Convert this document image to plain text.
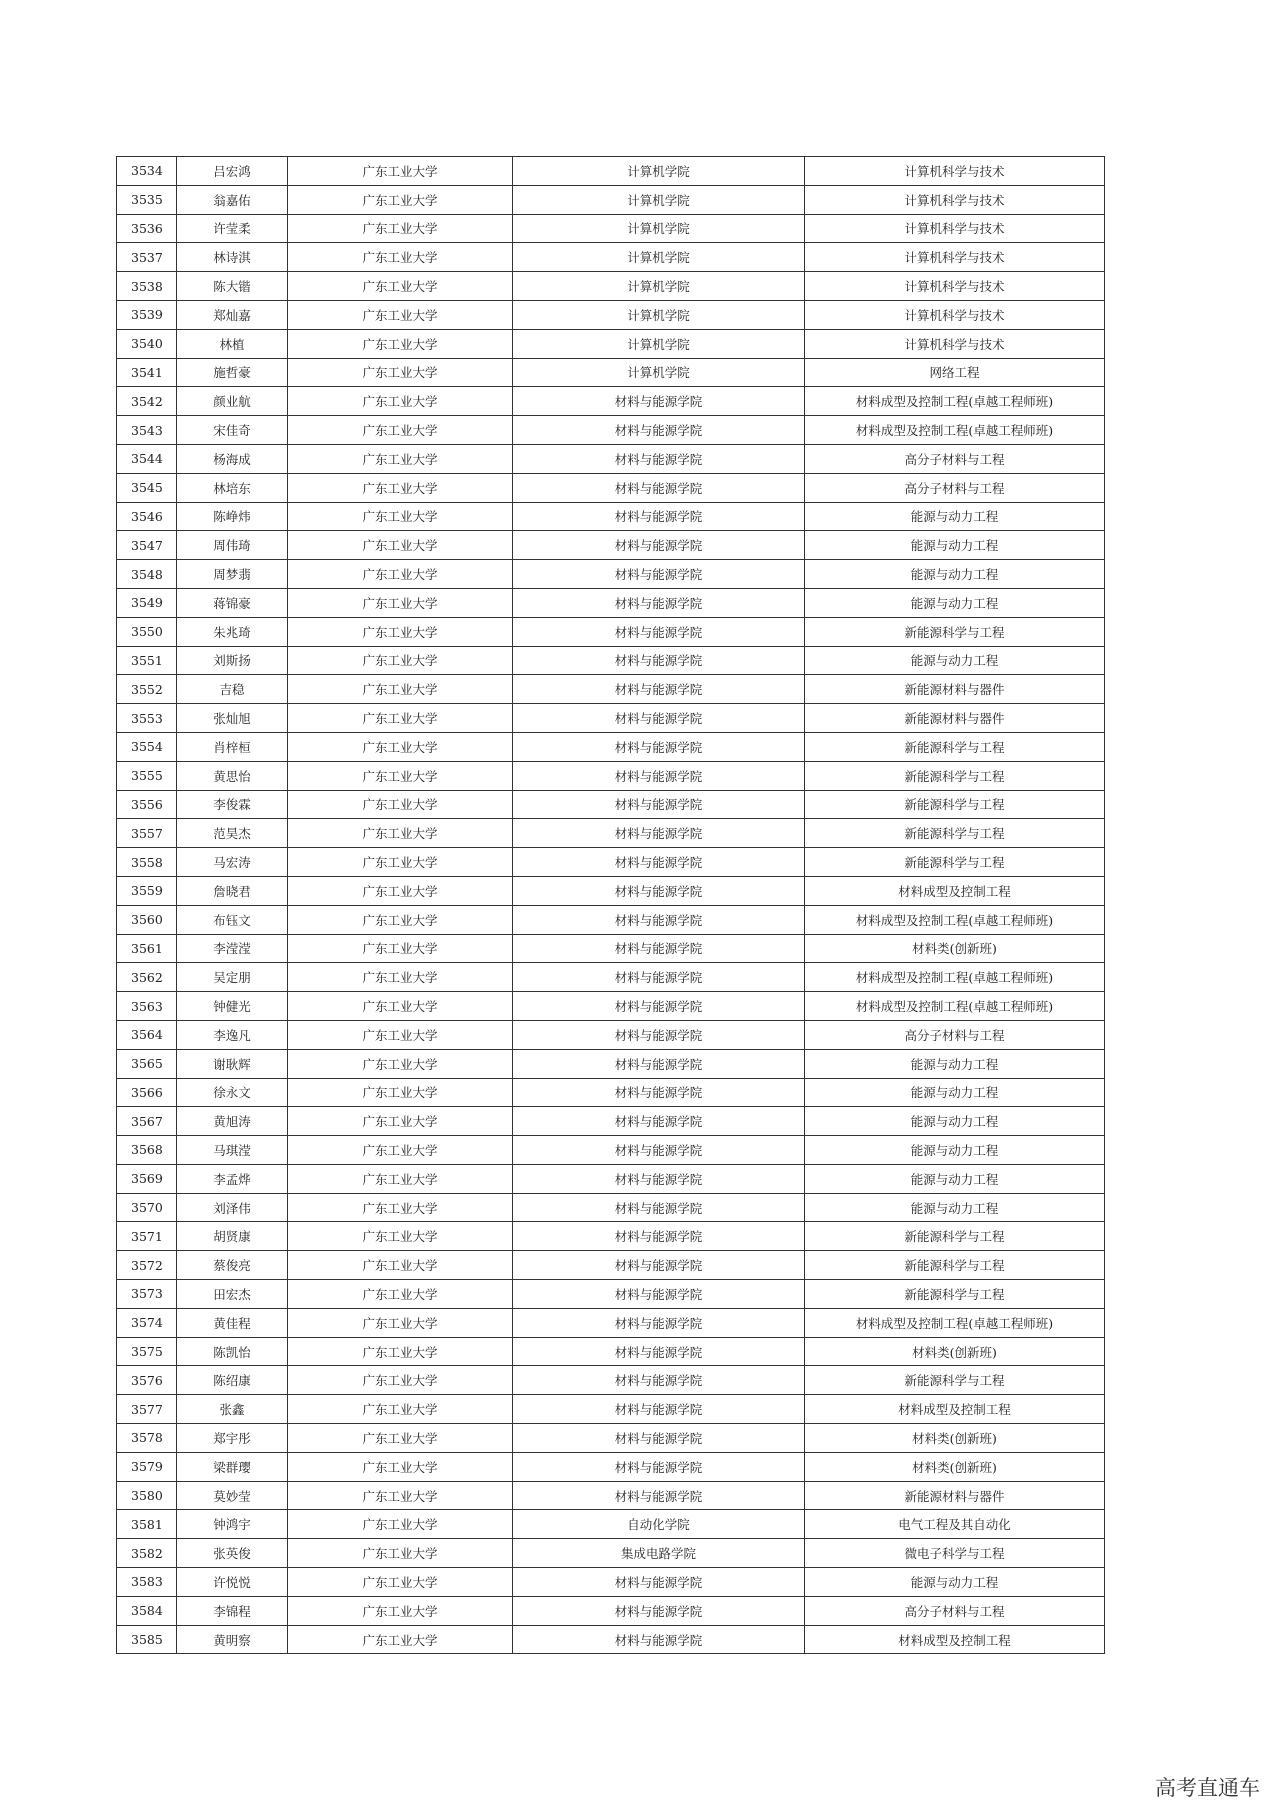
3534	吕宏鸿	广东工业大学	计算机学院	计算机科学与技术
3535	翁嘉佑	广东工业大学	计算机学院	计算机科学与技术
3536	许莹柔	广东工业大学	计算机学院	计算机科学与技术
3537	林诗淇	广东工业大学	计算机学院	计算机科学与技术
3538	陈大锴	广东工业大学	计算机学院	计算机科学与技术
3539	郑灿嘉	广东工业大学	计算机学院	计算机科学与技术
3540	林植	广东工业大学	计算机学院	计算机科学与技术
3541	施哲豪	广东工业大学	计算机学院	网络工程
3542	颜业航	广东工业大学	材料与能源学院	材料成型及控制工程(卓越工程师班)
3543	宋佳奇	广东工业大学	材料与能源学院	材料成型及控制工程(卓越工程师班)
3544	杨海成	广东工业大学	材料与能源学院	高分子材料与工程
3545	林培东	广东工业大学	材料与能源学院	高分子材料与工程
3546	陈峥炜	广东工业大学	材料与能源学院	能源与动力工程
3547	周伟琦	广东工业大学	材料与能源学院	能源与动力工程
3548	周梦翡	广东工业大学	材料与能源学院	能源与动力工程
3549	蒋锦豪	广东工业大学	材料与能源学院	能源与动力工程
3550	朱兆琦	广东工业大学	材料与能源学院	新能源科学与工程
3551	刘斯扬	广东工业大学	材料与能源学院	能源与动力工程
3552	吉稳	广东工业大学	材料与能源学院	新能源材料与器件
3553	张灿旭	广东工业大学	材料与能源学院	新能源材料与器件
3554	肖梓桓	广东工业大学	材料与能源学院	新能源科学与工程
3555	黄思怡	广东工业大学	材料与能源学院	新能源科学与工程
3556	李俊霖	广东工业大学	材料与能源学院	新能源科学与工程
3557	范昊杰	广东工业大学	材料与能源学院	新能源科学与工程
3558	马宏涛	广东工业大学	材料与能源学院	新能源科学与工程
3559	詹晓君	广东工业大学	材料与能源学院	材料成型及控制工程
3560	布钰文	广东工业大学	材料与能源学院	材料成型及控制工程(卓越工程师班)
3561	李滢滢	广东工业大学	材料与能源学院	材料类(创新班)
3562	吴定朋	广东工业大学	材料与能源学院	材料成型及控制工程(卓越工程师班)
3563	钟健光	广东工业大学	材料与能源学院	材料成型及控制工程(卓越工程师班)
3564	李逸凡	广东工业大学	材料与能源学院	高分子材料与工程
3565	谢耿辉	广东工业大学	材料与能源学院	能源与动力工程
3566	徐永文	广东工业大学	材料与能源学院	能源与动力工程
3567	黄旭涛	广东工业大学	材料与能源学院	能源与动力工程
3568	马琪滢	广东工业大学	材料与能源学院	能源与动力工程
3569	李孟烨	广东工业大学	材料与能源学院	能源与动力工程
3570	刘泽伟	广东工业大学	材料与能源学院	能源与动力工程
3571	胡贤康	广东工业大学	材料与能源学院	新能源科学与工程
3572	蔡俊亮	广东工业大学	材料与能源学院	新能源科学与工程
3573	田宏杰	广东工业大学	材料与能源学院	新能源科学与工程
3574	黄佳程	广东工业大学	材料与能源学院	材料成型及控制工程(卓越工程师班)
3575	陈凯怡	广东工业大学	材料与能源学院	材料类(创新班)
3576	陈绍康	广东工业大学	材料与能源学院	新能源科学与工程
3577	张鑫	广东工业大学	材料与能源学院	材料成型及控制工程
3578	郑宇彤	广东工业大学	材料与能源学院	材料类(创新班)
3579	梁群璎	广东工业大学	材料与能源学院	材料类(创新班)
3580	莫妙莹	广东工业大学	材料与能源学院	新能源材料与器件
3581	钟鸿宇	广东工业大学	自动化学院	电气工程及其自动化
3582	张英俊	广东工业大学	集成电路学院	微电子科学与工程
3583	许悦悦	广东工业大学	材料与能源学院	能源与动力工程
3584	李锦程	广东工业大学	材料与能源学院	高分子材料与工程
3585	黄明察	广东工业大学	材料与能源学院	材料成型及控制工程
高考直通车
